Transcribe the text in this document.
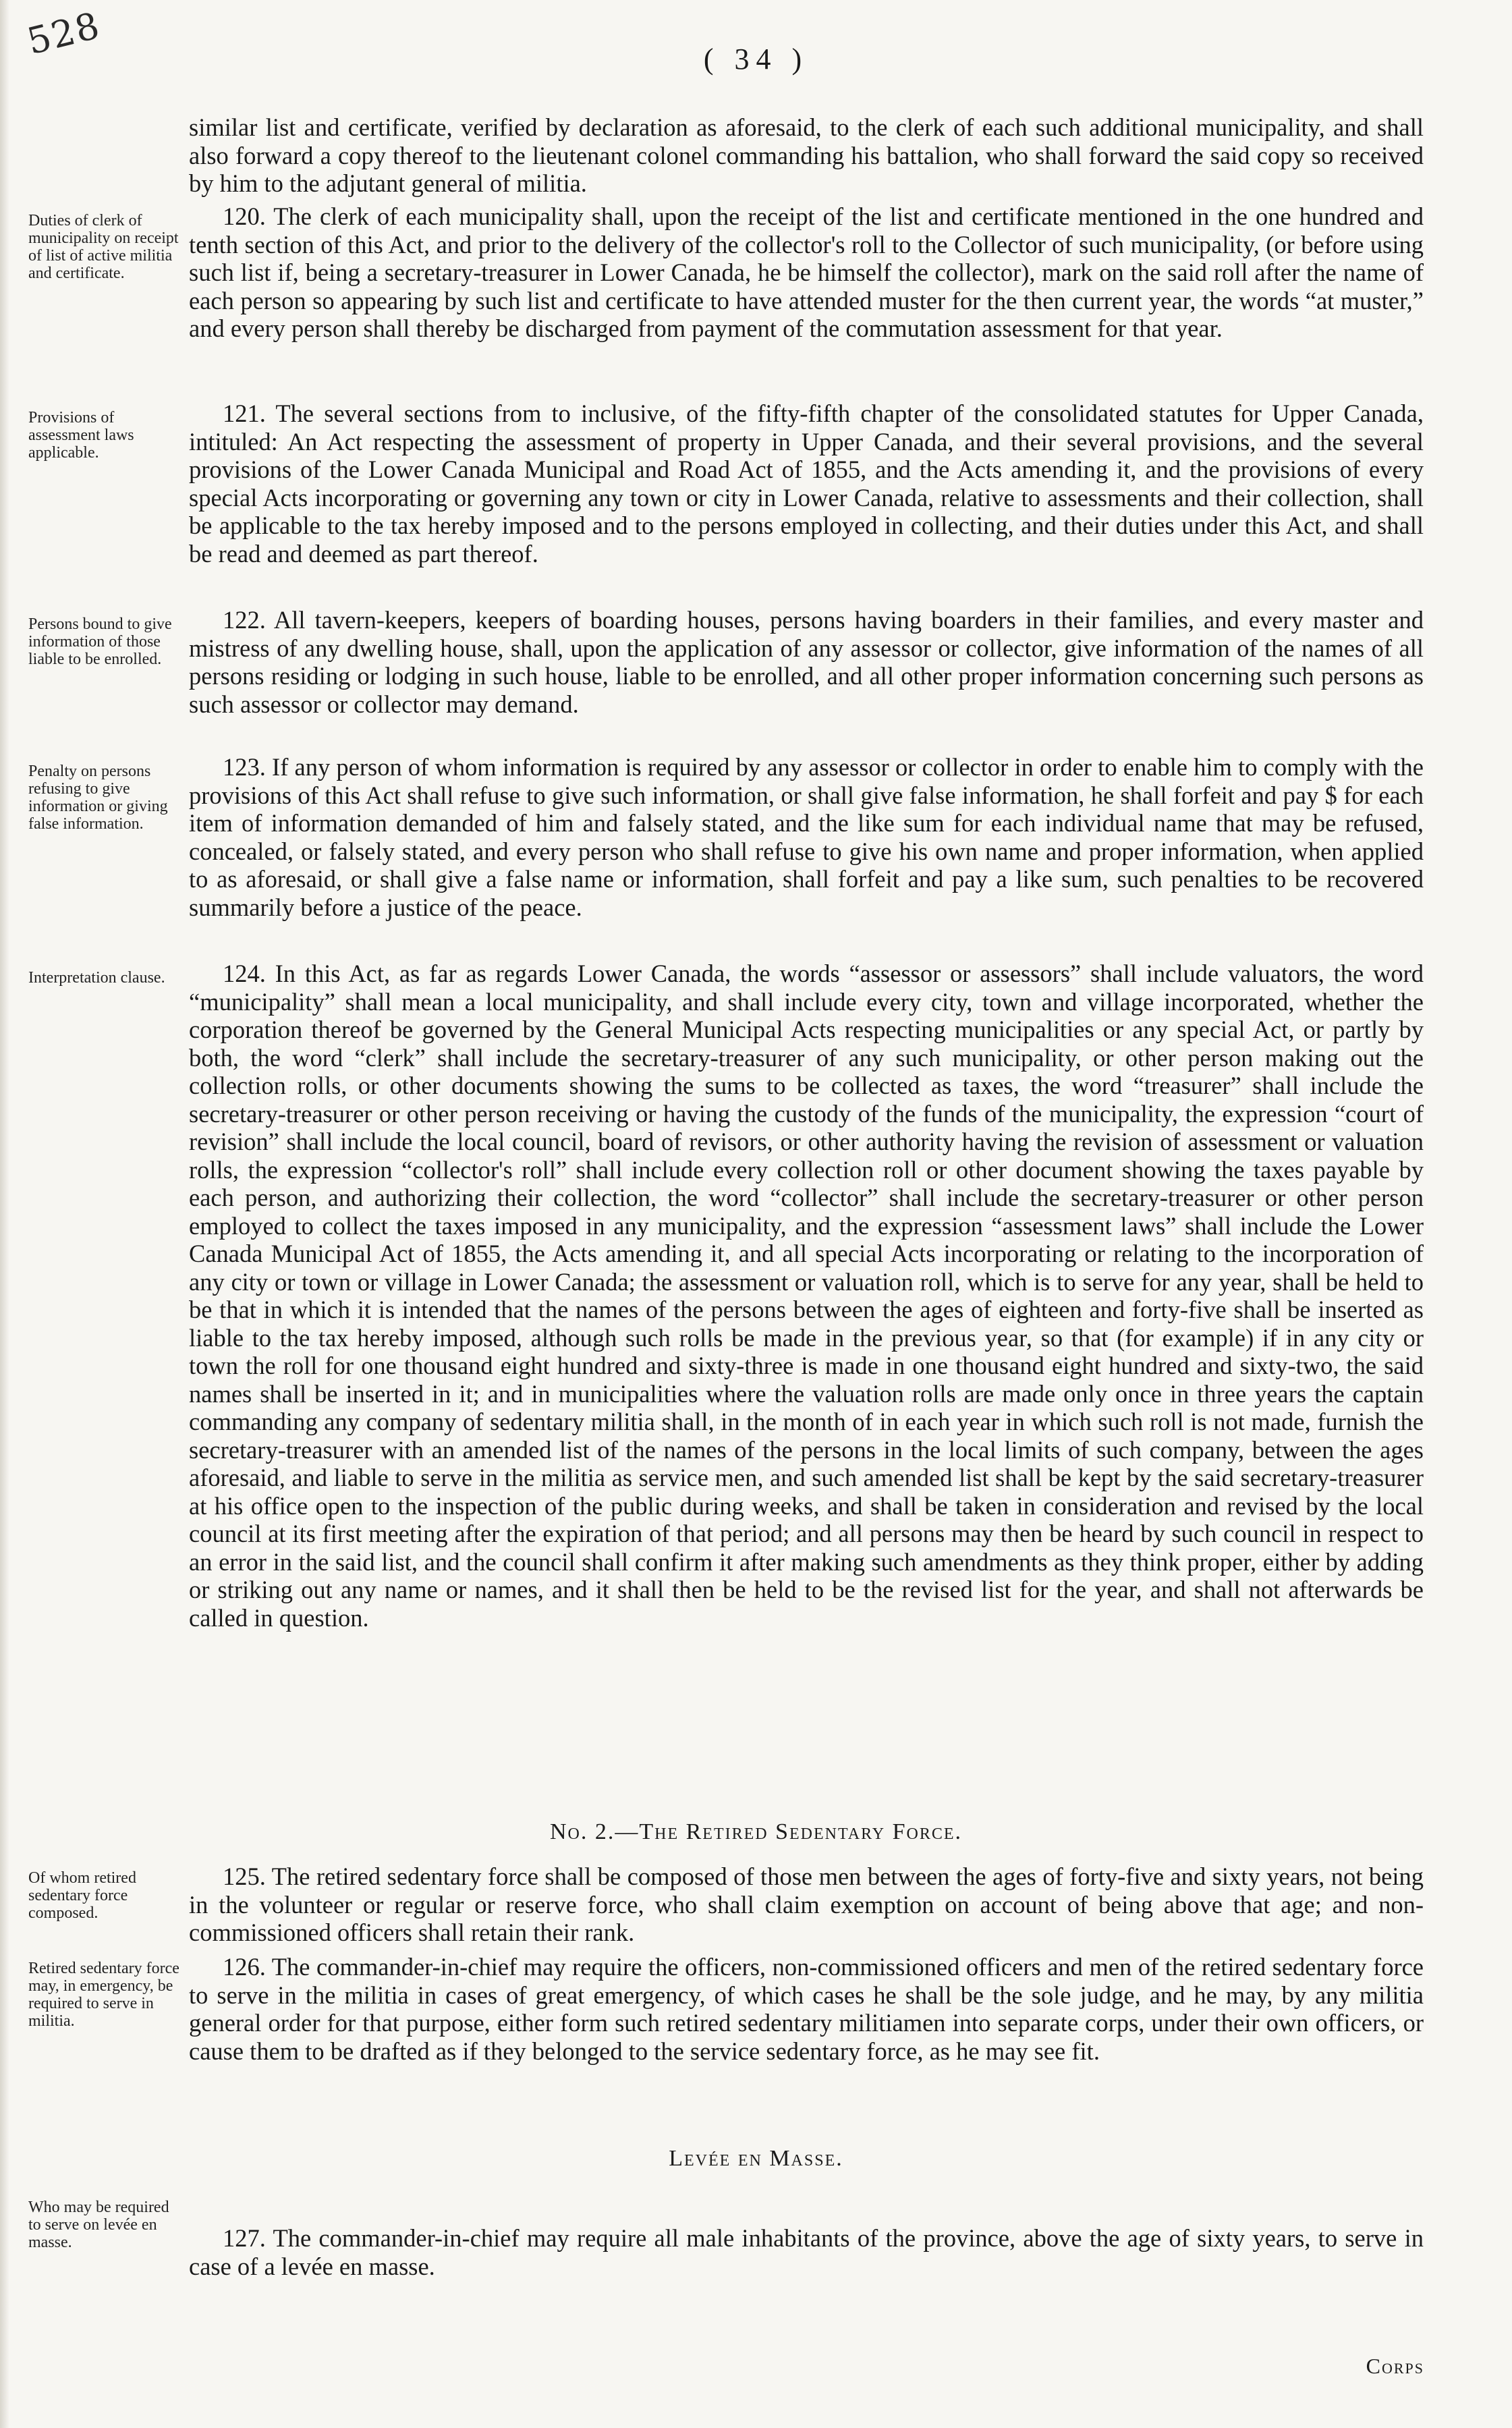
528	( 34 )
similar list and certificate, verified by declaration as aforesaid, to the clerk of each such additional municipality, and shall also forward a copy thereof to the lieutenant colonel commanding his battalion, who shall forward the said copy so received by him to the adjutant general of militia.
Duties of clerk of municipality on receipt of list of active militia and certificate.
120. The clerk of each municipality shall, upon the receipt of the list and certificate mentioned in the one hundred and tenth section of this Act, and prior to the delivery of the collector's roll to the Collector of such municipality, (or before using such list if, being a secretary-treasurer in Lower Canada, he be himself the collector), mark on the said roll after the name of each person so appearing by such list and certificate to have attended muster for the then current year, the words “at muster,” and every person shall thereby be discharged from payment of the commutation assessment for that year.
Provisions of assessment laws applicable.
121. The several sections from to inclusive, of the fifty-fifth chapter of the consolidated statutes for Upper Canada, intituled: An Act respecting the assessment of property in Upper Canada, and their several provisions, and the several provisions of the Lower Canada Municipal and Road Act of 1855, and the Acts amending it, and the provisions of every special Acts incorporating or governing any town or city in Lower Canada, relative to assessments and their collection, shall be applicable to the tax hereby imposed and to the persons employed in collecting, and their duties under this Act, and shall be read and deemed as part thereof.
Persons bound to give information of those liable to be enrolled.
122. All tavern-keepers, keepers of boarding houses, persons having boarders in their families, and every master and mistress of any dwelling house, shall, upon the application of any assessor or collector, give information of the names of all persons residing or lodging in such house, liable to be enrolled, and all other proper information concerning such persons as such assessor or collector may demand.
Penalty on persons refusing to give information or giving false information.
123. If any person of whom information is required by any assessor or collector in order to enable him to comply with the provisions of this Act shall refuse to give such information, or shall give false information, he shall forfeit and pay $ for each item of information demanded of him and falsely stated, and the like sum for each individual name that may be refused, concealed, or falsely stated, and every person who shall refuse to give his own name and proper information, when applied to as aforesaid, or shall give a false name or information, shall forfeit and pay a like sum, such penalties to be recovered summarily before a justice of the peace.
Interpretation clause.	124. In this Act, as far as regards Lower Canada, the words “assessor or assessors” shall include valuators, the word “municipality” shall mean a local municipality, and shall include every city, town and village incorporated, whether the corporation thereof be governed by the General Municipal Acts respecting municipalities or any special Act, or partly by both, the word “clerk” shall include the secretary-treasurer of any such municipality, or other person making out the collection rolls, or other documents showing the sums to be collected as taxes, the word “treasurer” shall include the secretary-treasurer or other person receiving or having the custody of the funds of the municipality, the expression “court of revision” shall include the local council, board of revisors, or other authority having the revision of assessment or valuation rolls, the expression “collector's roll” shall include every collection roll or other document showing the taxes payable by each person, and authorizing their collection, the word “collector” shall include the secretary-treasurer or other person employed to collect the taxes imposed in any municipality, and the expression “assessment laws” shall include the Lower Canada Municipal Act of 1855, the Acts amending it, and all special Acts incorporating or relating to the incorporation of any city or town or village in Lower Canada; the assessment or valuation roll, which is to serve for any year, shall be held to be that in which it is intended that the names of the persons between the ages of eighteen and forty-five shall be inserted as liable to the tax hereby imposed, although such rolls be made in the previous year, so that (for example) if in any city or town the roll for one thousand eight hundred and sixty-three is made in one thousand eight hundred and sixty-two, the said names shall be inserted in it; and in municipalities where the valuation rolls are made only once in three years the captain commanding any company of sedentary militia shall, in the month of in each year in which such roll is not made, furnish the secretary-treasurer with an amended list of the names of the persons in the local limits of such company, between the ages aforesaid, and liable to serve in the militia as service men, and such amended list shall be kept by the said secretary-treasurer at his office open to the inspection of the public during weeks, and shall be taken in consideration and revised by the local council at its first meeting after the expiration of that period; and all persons may then be heard by such council in respect to an error in the said list, and the council shall confirm it after making such amendments as they think proper, either by adding or striking out any name or names, and it shall then be held to be the revised list for the year, and shall not afterwards be called in question.
No. 2.—The Retired Sedentary Force.
Of whom retired sedentary force composed.
125. The retired sedentary force shall be composed of those men between the ages of forty-five and sixty years, not being in the volunteer or regular or reserve force, who shall claim exemption on account of being above that age; and non-commissioned officers shall retain their rank.
Retired sedentary force may, in emergency, be required to serve in militia.
126. The commander-in-chief may require the officers, non-commissioned officers and men of the retired sedentary force to serve in the militia in cases of great emergency, of which cases he shall be the sole judge, and he may, by any militia general order for that purpose, either form such retired sedentary militiamen into separate corps, under their own officers, or cause them to be drafted as if they belonged to the service sedentary force, as he may see fit.
Levée en Masse.
Who may be required to serve on levée en masse.	127. The commander-in-chief may require all male inhabitants of the province, above the age of sixty years, to serve in case of a levée en masse.
Corps
